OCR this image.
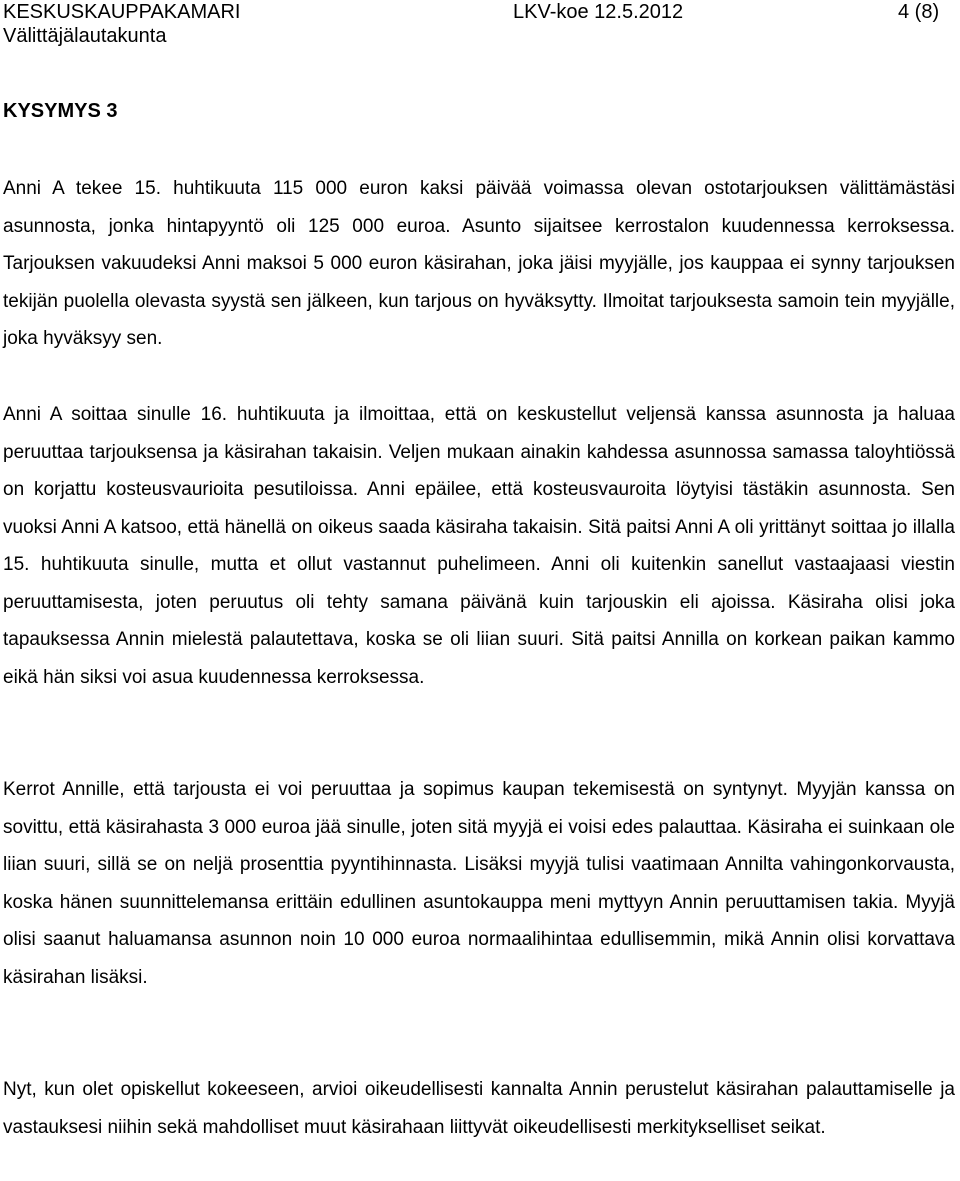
KESKUSKAUPPAKAMARI	LKV-koe 12.5.2012	4 (8)
Välittäjälautakunta
KYSYMYS 3

Anni A tekee 15. huhtikuuta 115 000 euron kaksi päivää voimassa olevan ostotarjouksen välittämästäsi asunnosta, jonka hintapyyntö oli 125 000 euroa. Asunto sijaitsee kerrostalon kuudennessa kerroksessa. Tarjouksen vakuudeksi Anni maksoi 5 000 euron käsirahan, joka jäisi myyjälle, jos kauppaa ei synny tarjouksen tekijän puolella olevasta syystä sen jälkeen, kun tarjous on hyväksytty. Ilmoitat tarjouksesta samoin tein myyjälle, joka hyväksyy sen.

Anni A soittaa sinulle 16. huhtikuuta ja ilmoittaa, että on keskustellut veljensä kanssa asunnosta ja haluaa peruuttaa tarjouksensa ja käsirahan takaisin. Veljen mukaan ainakin kahdessa asunnossa samassa taloyhtiössä on korjattu kosteusvaurioita pesutiloissa. Anni epäilee, että kosteusvauroita löytyisi tästäkin asunnosta. Sen vuoksi Anni A katsoo, että hänellä on oikeus saada käsiraha takaisin. Sitä paitsi Anni A oli yrittänyt soittaa jo illalla 15. huhtikuuta sinulle, mutta et ollut vastannut puhelimeen. Anni oli kuitenkin sanellut vastaajaasi viestin peruuttamisesta, joten peruutus oli tehty samana päivänä kuin tarjouskin eli ajoissa. Käsiraha olisi joka tapauksessa Annin mielestä palautettava, koska se oli liian suuri. Sitä paitsi Annilla on korkean paikan kammo eikä hän siksi voi asua kuudennessa kerroksessa.

Kerrot Annille, että tarjousta ei voi peruuttaa ja sopimus kaupan tekemisestä on syntynyt. Myyjän kanssa on sovittu, että käsirahasta 3 000 euroa jää sinulle, joten sitä myyjä ei voisi edes palauttaa. Käsiraha ei suinkaan ole liian suuri, sillä se on neljä prosenttia pyyntihinnasta. Lisäksi myyjä tulisi vaatimaan Annilta vahingonkorvausta, koska hänen suunnittelemansa erittäin edullinen asuntokauppa meni myttyyn Annin peruuttamisen takia. Myyjä olisi saanut haluamansa asunnon noin 10 000 euroa normaalihintaa edullisemmin, mikä Annin olisi korvattava käsirahan lisäksi.

Nyt, kun olet opiskellut kokeeseen, arvioi oikeudellisesti kannalta Annin perustelut käsirahan palauttamiselle ja vastauksesi niihin sekä mahdolliset muut käsirahaan liittyvät oikeudellisesti merkitykselliset seikat.
